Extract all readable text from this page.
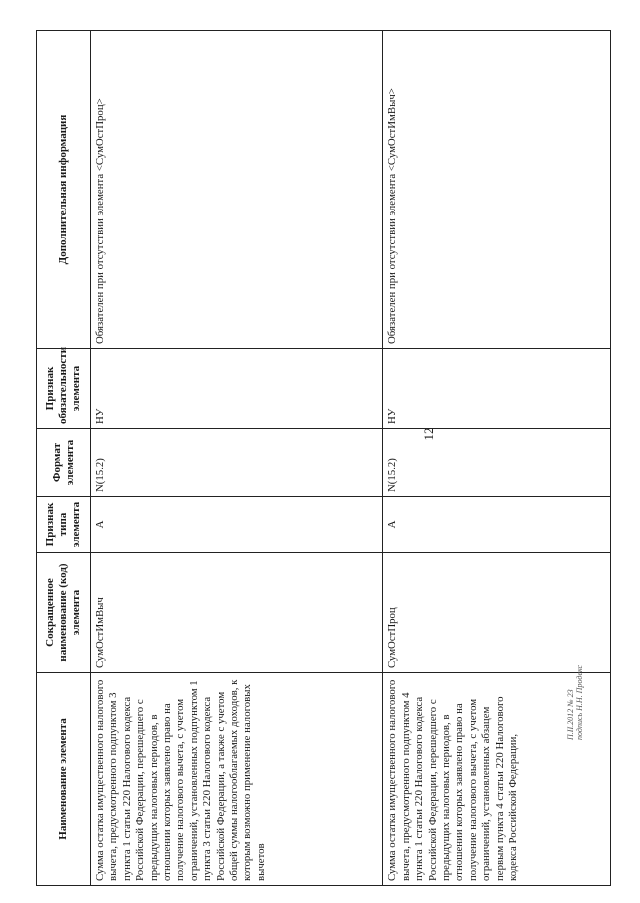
12
Наименование элемента	Сокращенное наименование (код) элемента	Признак типа элемента	Формат элемента	Признак обязательности элемента	Дополнительная информация
Сумма остатка имущественного налогового вычета, предусмотренного подпунктом 3 пункта 1 статьи 220 Налогового кодекса Российской Федерации, перешедшего с предыдущих налоговых периодов, в отношении которых заявлено право на получение налогового вычета, с учетом ограничений, установленных подпунктом 1 пункта 3 статьи 220 Налогового кодекса Российской Федерации, а также с учетом общей суммы налогооблагаемых доходов, к которым возможно применение налоговых вычетов	СумОстИмВыч	А	N(15.2)	НУ	Обязателен при отсутствии элемента <СумОстПроц>
Сумма остатка имущественного налогового вычета, предусмотренного подпунктом 4 пункта 1 статьи 220 Налогового кодекса Российской Федерации, перешедшего с предыдущих налоговых периодов, в отношении которых заявлено право на получение налогового вычета, с учетом ограничений, установленных абзацем первым пункта 4 статьи 220 Налогового кодекса Российской Федерации,	СумОстПроц	А	N(15.2)	НУ	Обязателен при отсутствии элемента <СумОстИмВыч>
П.II.2012 № 23 подпись Н.Н. Продекс
